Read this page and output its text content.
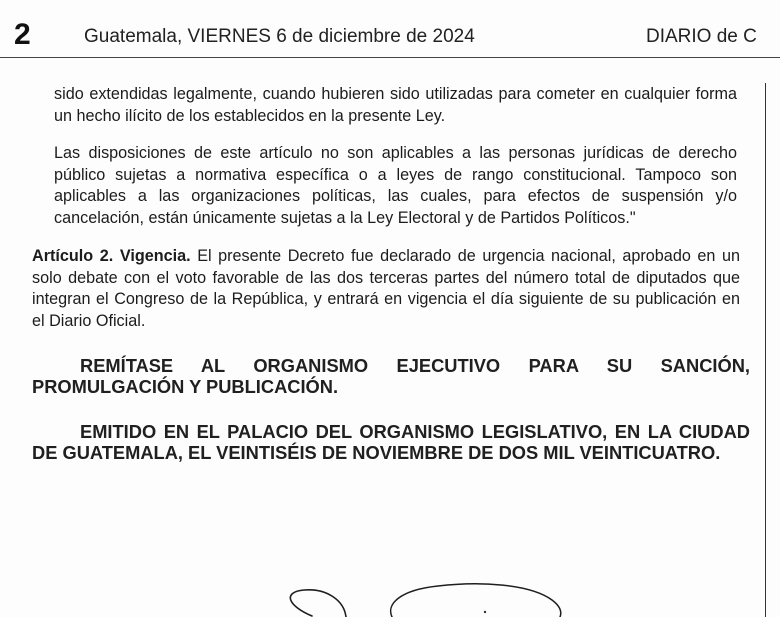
2	Guatemala, VIERNES 6 de diciembre de 2024	DIARIO de C

sido extendidas legalmente, cuando hubieren sido utilizadas para cometer en cualquier forma un hecho ilícito de los establecidos en la presente Ley.

Las disposiciones de este artículo no son aplicables a las personas jurídicas de derecho público sujetas a normativa específica o a leyes de rango constitucional. Tampoco son aplicables a las organizaciones políticas, las cuales, para efectos de suspensión y/o cancelación, están únicamente sujetas a la Ley Electoral y de Partidos Políticos."

Artículo 2. Vigencia. El presente Decreto fue declarado de urgencia nacional, aprobado en un solo debate con el voto favorable de las dos terceras partes del número total de diputados que integran el Congreso de la República, y entrará en vigencia el día siguiente de su publicación en el Diario Oficial.

REMÍTASE AL ORGANISMO EJECUTIVO PARA SU SANCIÓN, PROMULGACIÓN Y PUBLICACIÓN.

EMITIDO EN EL PALACIO DEL ORGANISMO LEGISLATIVO, EN LA CIUDAD DE GUATEMALA, EL VEINTISÉIS DE NOVIEMBRE DE DOS MIL VEINTICUATRO.
